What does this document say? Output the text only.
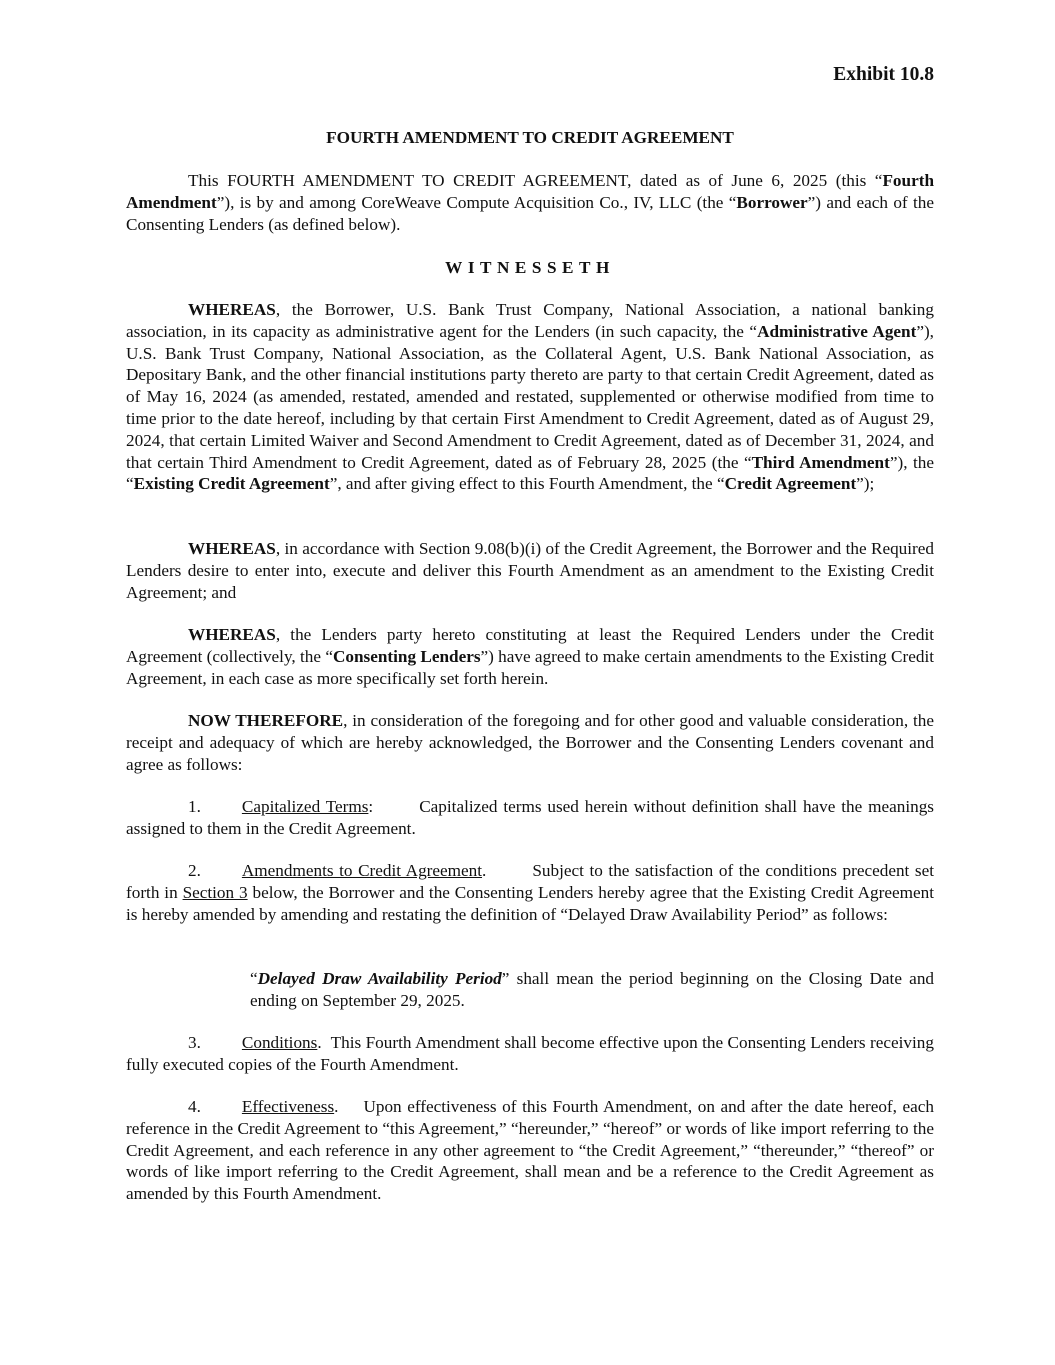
Exhibit 10.8
FOURTH AMENDMENT TO CREDIT AGREEMENT

This FOURTH AMENDMENT TO CREDIT AGREEMENT, dated as of June 6, 2025 (this “Fourth Amendment”), is by and among CoreWeave Compute Acquisition Co., IV, LLC (the “Borrower”) and each of the Consenting Lenders (as defined below).

WITNESSETH

WHEREAS, the Borrower, U.S. Bank Trust Company, National Association, a national banking association, in its capacity as administrative agent for the Lenders (in such capacity, the “Administrative Agent”), U.S. Bank Trust Company, National Association, as the Collateral Agent, U.S. Bank National Association, as Depositary Bank, and the other financial institutions party thereto are party to that certain Credit Agreement, dated as of May 16, 2024 (as amended, restated, amended and restated, supplemented or otherwise modified from time to time prior to the date hereof, including by that certain First Amendment to Credit Agreement, dated as of August 29, 2024, that certain Limited Waiver and Second Amendment to Credit Agreement, dated as of December 31, 2024, and that certain Third Amendment to Credit Agreement, dated as of February 28, 2025 (the “Third Amendment”), the “Existing Credit Agreement”, and after giving effect to this Fourth Amendment, the “Credit Agreement”);

WHEREAS, in accordance with Section 9.08(b)(i) of the Credit Agreement, the Borrower and the Required Lenders desire to enter into, execute and deliver this Fourth Amendment as an amendment to the Existing Credit Agreement; and

WHEREAS, the Lenders party hereto constituting at least the Required Lenders under the Credit Agreement (collectively, the “Consenting Lenders”) have agreed to make certain amendments to the Existing Credit Agreement, in each case as more specifically set forth herein.

NOW THEREFORE, in consideration of the foregoing and for other good and valuable consideration, the receipt and adequacy of which are hereby acknowledged, the Borrower and the Consenting Lenders covenant and agree as follows:

1. Capitalized Terms:	Capitalized terms used herein without definition shall have the meanings assigned to them in the Credit Agreement.

2. Amendments to Credit Agreement.	Subject to the satisfaction of the conditions precedent set forth in Section 3 below, the Borrower and the Consenting Lenders hereby agree that the Existing Credit Agreement is hereby amended by amending and restating the definition of “Delayed Draw Availability Period” as follows:

“Delayed Draw Availability Period” shall mean the period beginning on the Closing Date and ending on September 29, 2025.

3. Conditions. This Fourth Amendment shall become effective upon the Consenting Lenders receiving fully executed copies of the Fourth Amendment.

4. Effectiveness. Upon effectiveness of this Fourth Amendment, on and after the date hereof, each reference in the Credit Agreement to “this Agreement,” “hereunder,” “hereof” or words of like import referring to the Credit Agreement, and each reference in any other agreement to “the Credit Agreement,” “thereunder,” “thereof” or words of like import referring to the Credit Agreement, shall mean and be a reference to the Credit Agreement as amended by this Fourth Amendment.
